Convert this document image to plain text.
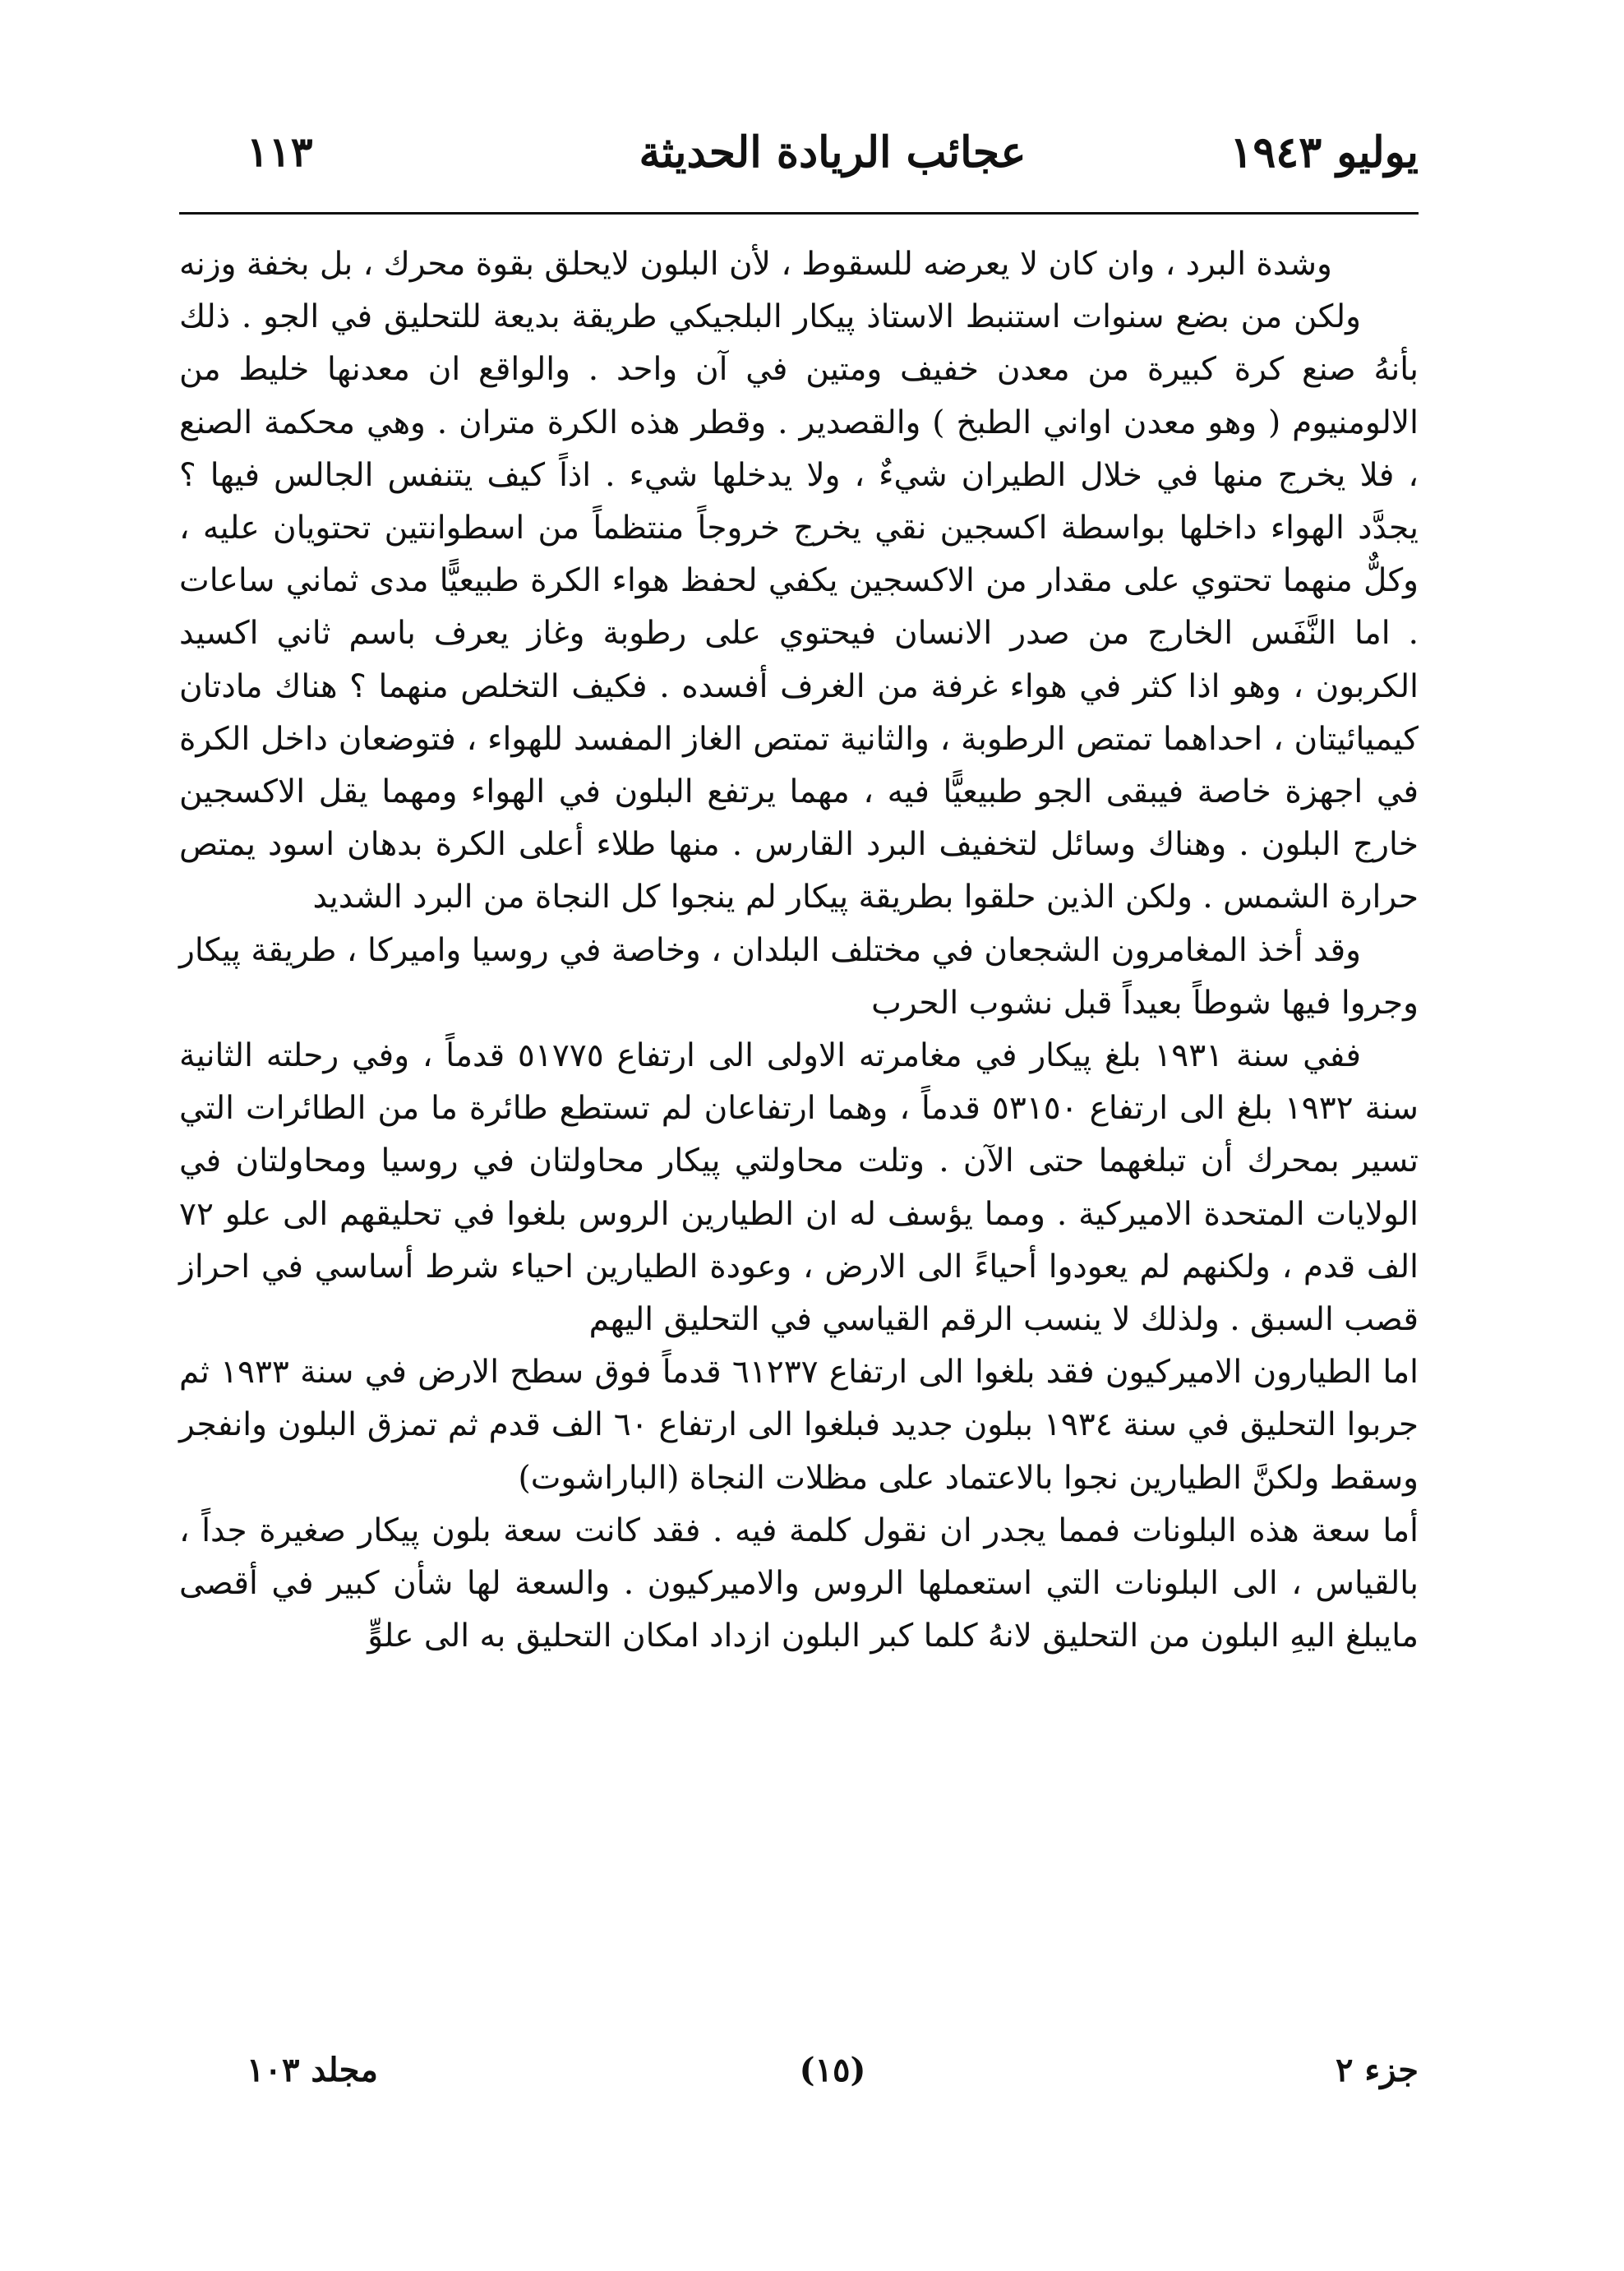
١١٣	عجائب الريادة الحديثة	يوليو ١٩٤٣

وشدة البرد ، وان كان لا يعرضه للسقوط ، لأن البلون لايحلق بقوة محرك ، بل بخفة وزنه

ولكن من بضع سنوات استنبط الاستاذ پيكار البلجيكي طريقة بديعة للتحليق في الجو . ذلك بأنهُ صنع كرة كبيرة من معدن خفيف ومتين في آن واحد . والواقع ان معدنها خليط من الالومنيوم ( وهو معدن اواني الطبخ ) والقصدير . وقطر هذه الكرة متران . وهي محكمة الصنع ، فلا يخرج منها في خلال الطيران شيءٌ ، ولا يدخلها شيء . اذاً كيف يتنفس الجالس فيها ؟ يجدَّد الهواء داخلها بواسطة اكسجين نقي يخرج خروجاً منتظماً من اسطوانتين تحتويان عليه ، وكلٌّ منهما تحتوي على مقدار من الاكسجين يكفي لحفظ هواء الكرة طبيعيًّا مدى ثماني ساعات . اما النَّفَس الخارج من صدر الانسان فيحتوي على رطوبة وغاز يعرف باسم ثاني اكسيد الكربون ، وهو اذا كثر في هواء غرفة من الغرف أفسده . فكيف التخلص منهما ؟ هناك مادتان كيميائيتان ، احداهما تمتص الرطوبة ، والثانية تمتص الغاز المفسد للهواء ، فتوضعان داخل الكرة في اجهزة خاصة فيبقى الجو طبيعيًّا فيه ، مهما يرتفع البلون في الهواء ومهما يقل الاكسجين خارج البلون . وهناك وسائل لتخفيف البرد القارس . منها طلاء أعلى الكرة بدهان اسود يمتص حرارة الشمس . ولكن الذين حلقوا بطريقة پيكار لم ينجوا كل النجاة من البرد الشديد

وقد أخذ المغامرون الشجعان في مختلف البلدان ، وخاصة في روسيا واميركا ، طريقة پيكار وجروا فيها شوطاً بعيداً قبل نشوب الحرب

ففي سنة ١٩٣١ بلغ پيكار في مغامرته الاولى الى ارتفاع ٥١٧٧٥ قدماً ، وفي رحلته الثانية سنة ١٩٣٢ بلغ الى ارتفاع ٥٣١٥٠ قدماً ، وهما ارتفاعان لم تستطع طائرة ما من الطائرات التي تسير بمحرك أن تبلغهما حتى الآن . وتلت محاولتي پيكار محاولتان في روسيا ومحاولتان في الولايات المتحدة الاميركية . ومما يؤسف له ان الطيارين الروس بلغوا في تحليقهم الى علو ٧٢ الف قدم ، ولكنهم لم يعودوا أحياءً الى الارض ، وعودة الطيارين احياء شرط أساسي في احراز قصب السبق . ولذلك لا ينسب الرقم القياسي في التحليق اليهم

اما الطيارون الاميركيون فقد بلغوا الى ارتفاع ٦١٢٣٧ قدماً فوق سطح الارض في سنة ١٩٣٣ ثم جربوا التحليق في سنة ١٩٣٤ ببلون جديد فبلغوا الى ارتفاع ٦٠ الف قدم ثم تمزق البلون وانفجر وسقط ولكنَّ الطيارين نجوا بالاعتماد على مظلات النجاة (الباراشوت)

أما سعة هذه البلونات فمما يجدر ان نقول كلمة فيه . فقد كانت سعة بلون پيكار صغيرة جداً ، بالقياس ، الى البلونات التي استعملها الروس والاميركيون . والسعة لها شأن كبير في أقصى مايبلغ اليهِ البلون من التحليق لانهُ كلما كبر البلون ازداد امكان التحليق به الى علوٍّ

مجلد ١٠٣	(١٥)	جزء ٢
